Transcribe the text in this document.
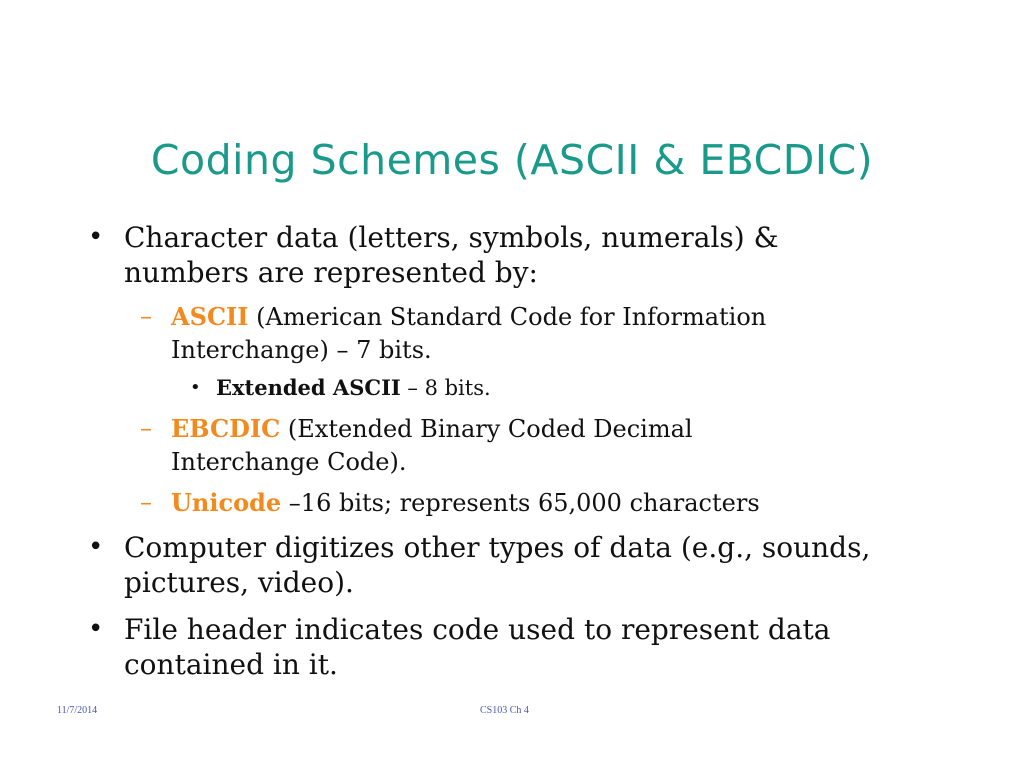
Coding Schemes (ASCII & EBCDIC)
• Character data (letters, symbols, numerals) &
numbers are represented by:
– ASCII (American Standard Code for Information
Interchange) – 7 bits.
• Extended ASCII – 8 bits.
– EBCDIC (Extended Binary Coded Decimal
Interchange Code).
– Unicode –16 bits; represents 65,000 characters
• Computer digitizes other types of data (e.g., sounds,
pictures, video).
• File header indicates code used to represent data
contained in it.
11/7/2014	CS103 Ch 4
